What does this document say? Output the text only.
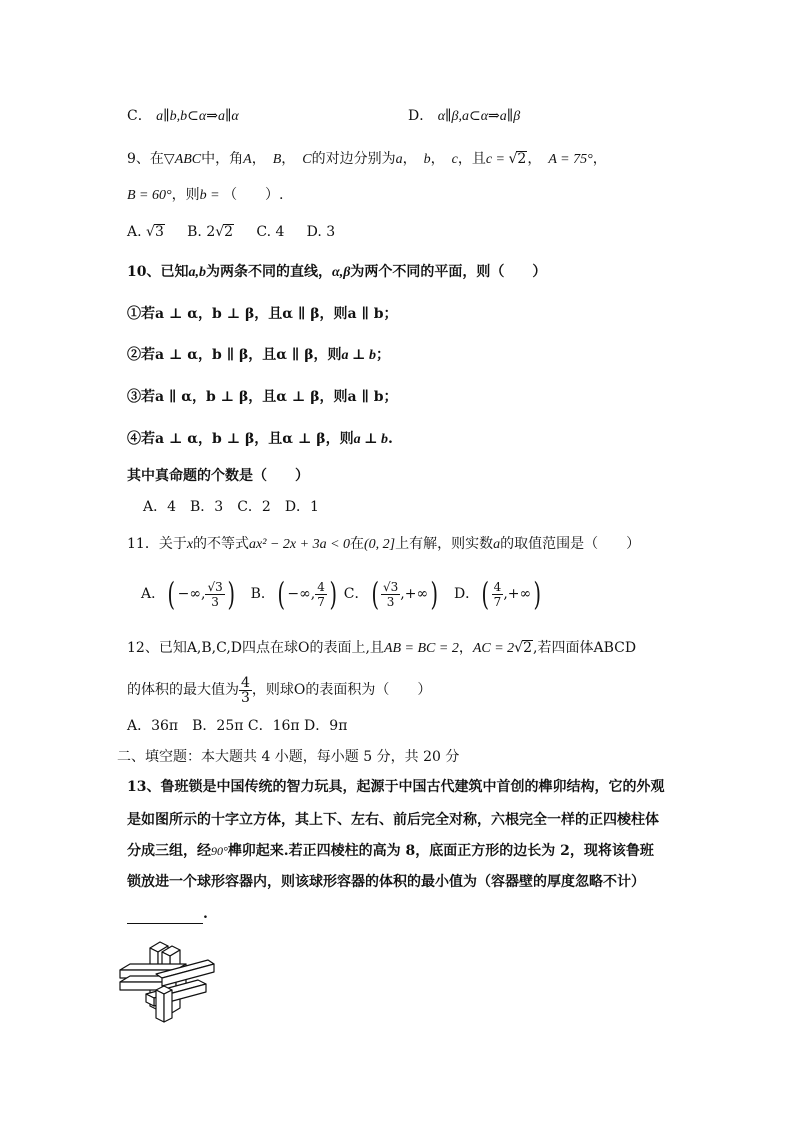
C． a∥b,b⊂α⇒a∥α	D． α∥β,a⊂α⇒a∥β
9、在▽ABC中，角A，　B，　C的对边分别为a，　b，　c，且c = √2，　A = 75°，
B = 60°，则b = （　　）.
A. √3 B. 2√2 C. 4 D. 3
10、已知a,b为两条不同的直线，α,β为两个不同的平面，则（　　）
①若a ⊥ α，b ⊥ β，且α ∥ β，则a ∥ b；
②若a ⊥ α，b ∥ β，且α ∥ β，则a ⊥ b；
③若a ∥ α，b ⊥ β，且α ⊥ β，则a ∥ b；
④若a ⊥ α，b ⊥ β，且α ⊥ β，则a ⊥ b.
其中真命题的个数是（　　）
A．4　B．3　C．2　D．1
11．关于x的不等式ax² − 2x + 3a < 0在(0, 2]上有解，则实数a的取值范围是（　　）
A．( −∞, $\frac{√3}{3}$ ) B．( −∞, $\frac{4}{7}$ ) C．( $\frac{√3}{3}$ ,+∞) D．( $\frac{4}{7}$ ,+∞)
12、已知A,B,C,D四点在球O的表面上,且AB = BC = 2，AC = 2√2,若四面体ABCD
的体积的最大值为 $\frac{4}{3}$ ，则球O的表面积为（　　）
A．36π　B．25π C．16π D．9π
二、填空题：本大题共 4 小题，每小题 5 分，共 20 分
13、鲁班锁是中国传统的智力玩具，起源于中国古代建筑中首创的榫卯结构，它的外观
是如图所示的十字立方体，其上下、左右、前后完全对称，六根完全一样的正四棱柱体
分成三组，经90°榫卯起来.若正四棱柱的高为 8，底面正方形的边长为 2，现将该鲁班
锁放进一个球形容器内，则该球形容器的体积的最小值为（容器壁的厚度忽略不计）
.
